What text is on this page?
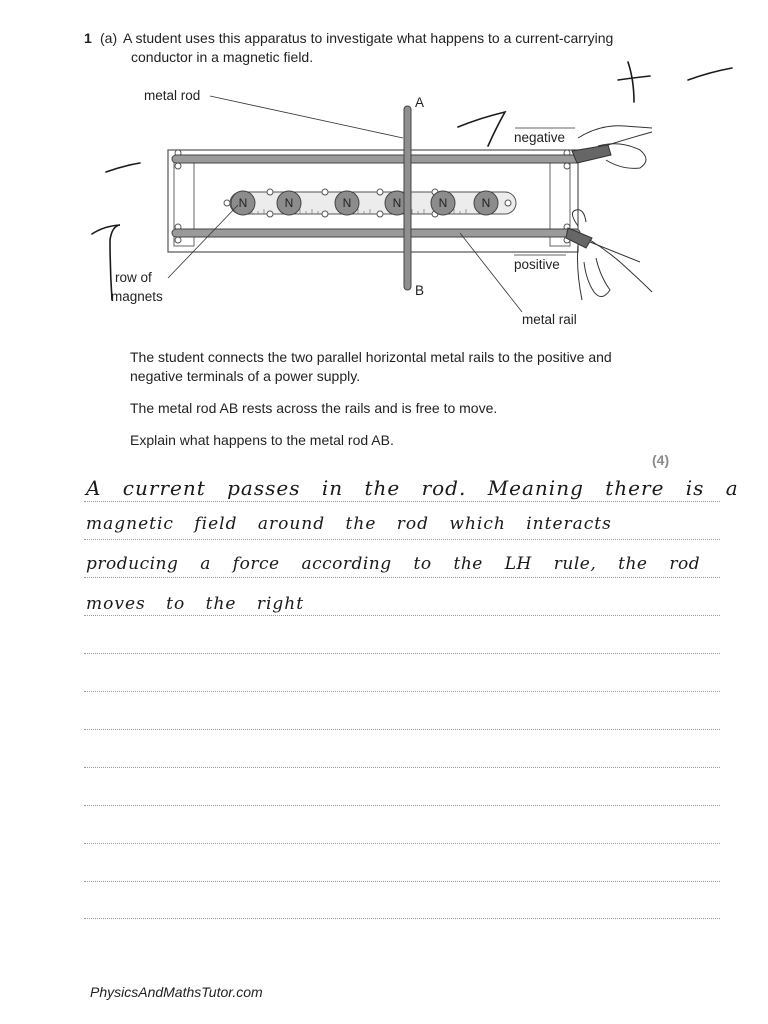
1 (a) A student uses this apparatus to investigate what happens to a current-carrying
conductor in a magnetic field.
N	N	N	N	N	N
metal rod	A
B
negative
positive
row of
magnets
metal rail
The student connects the two parallel horizontal metal rails to the positive and negative terminals of a power supply.
The metal rod AB rests across the rails and is free to move.
Explain what happens to the metal rod AB.
(4)
A current passes in the rod. Meaning there is a
magnetic field around the rod which interacts
producing a force according to the LH rule, the rod
moves to the right
PhysicsAndMathsTutor.com
